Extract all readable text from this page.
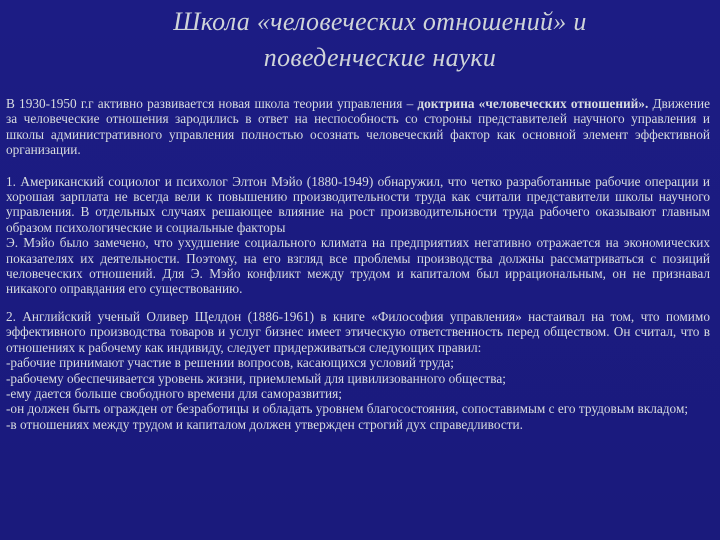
Школа «человеческих отношений» и
поведенческие науки

В 1930-1950 г.г активно развивается новая школа теории управления – доктрина «человеческих отношений». Движение за человеческие отношения зародились в ответ на неспособность со стороны представителей научного управления и школы административного управления полностью осознать человеческий фактор как основной элемент эффективной организации.

1. Американский социолог и психолог Элтон Мэйо (1880-1949) обнаружил, что четко разработанные рабочие операции и хорошая зарплата не всегда вели к повышению производительности труда как считали представители школы научного управления. В отдельных случаях решающее влияние на рост производительности труда рабочего оказывают главным образом психологические и социальные факторы

Э. Мэйо было замечено, что ухудшение социального климата на предприятиях негативно отражается на экономических показателях их деятельности. Поэтому, на его взгляд все проблемы производства должны рассматриваться с позиций человеческих отношений. Для Э. Мэйо конфликт между трудом и капиталом был иррациональным, он не признавал никакого оправдания его существованию.

2. Английский ученый Оливер Щелдон (1886-1961) в книге «Философия управления» настаивал на том, что помимо эффективного производства товаров и услуг бизнес имеет этическую ответственность перед обществом. Он считал, что в отношениях к рабочему как индивиду, следует придерживаться следующих правил:

-рабочие принимают участие в решении вопросов, касающихся условий труда;

-рабочему обеспечивается уровень жизни, приемлемый для цивилизованного общества;

-ему дается больше свободного времени для саморазвития;

-он должен быть огражден от безработицы и обладать уровнем благосостояния, сопоставимым с его трудовым вкладом;

-в отношениях между трудом и капиталом должен утвержден строгий дух справедливости.
